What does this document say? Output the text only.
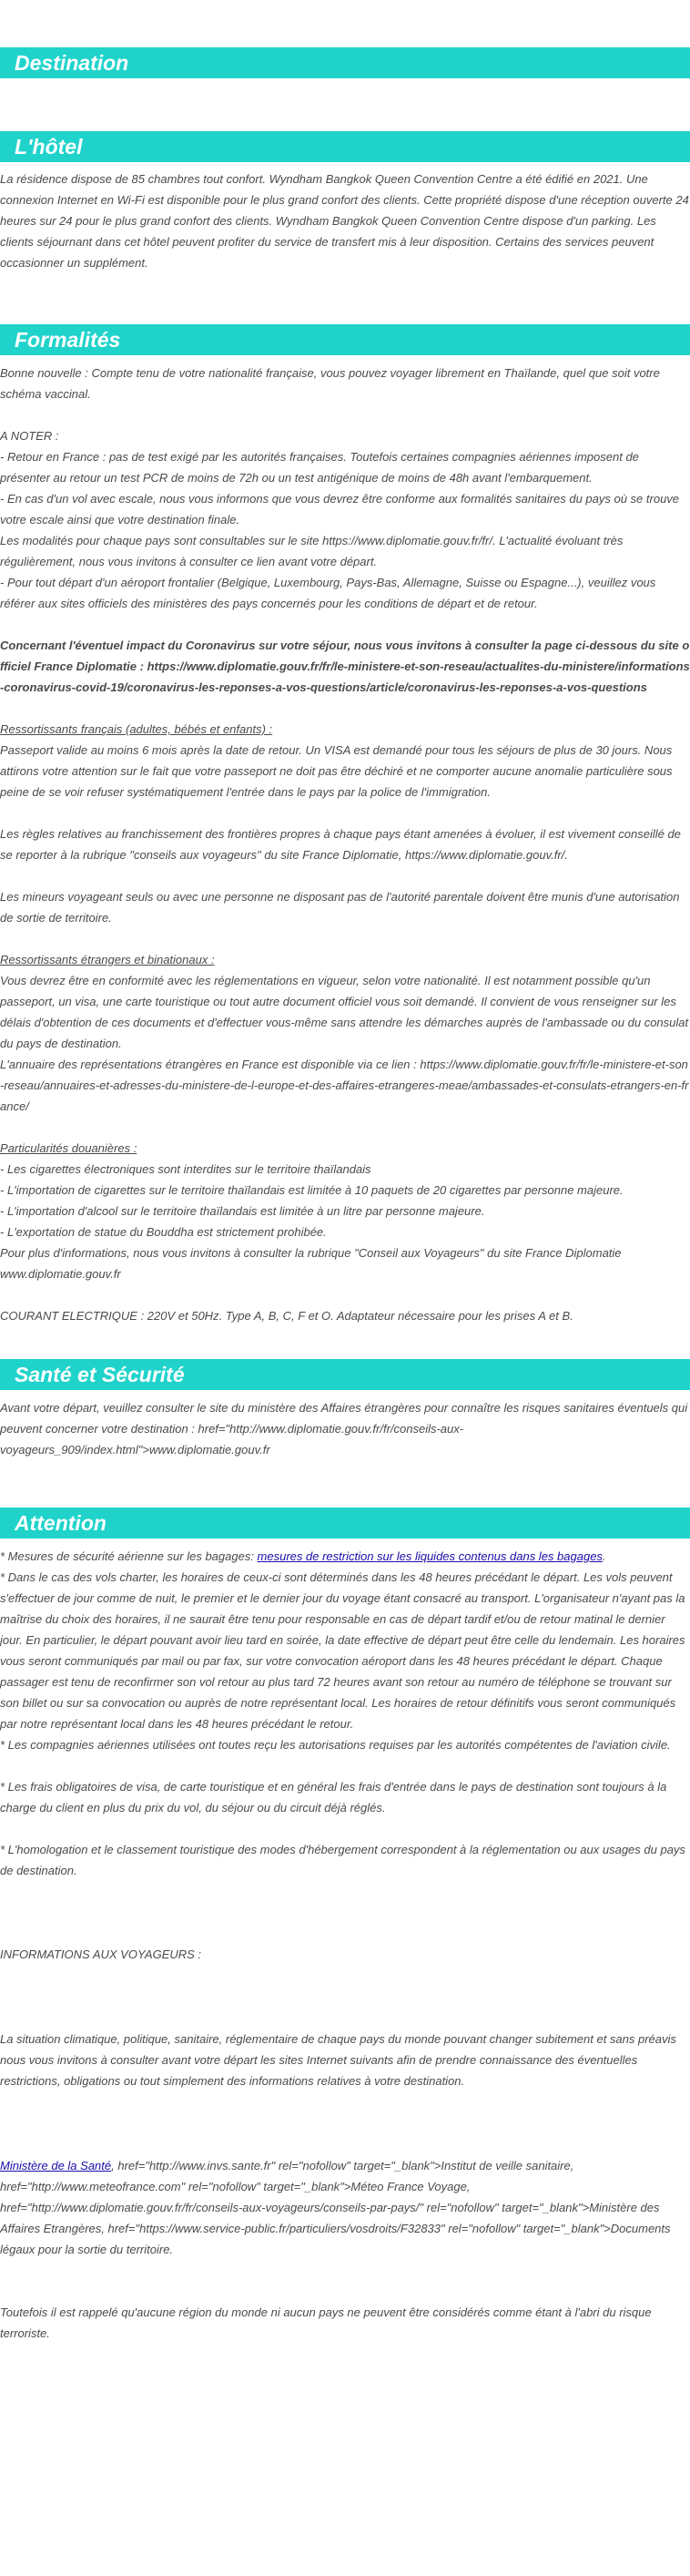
Destination
L'hôtel

La résidence dispose de 85 chambres tout confort. Wyndham Bangkok Queen Convention Centre a été édifié en 2021. Une connexion Internet en Wi-Fi est disponible pour le plus grand confort des clients. Cette propriété dispose d'une réception ouverte 24 heures sur 24 pour le plus grand confort des clients. Wyndham Bangkok Queen Convention Centre dispose d'un parking. Les clients séjournant dans cet hôtel peuvent profiter du service de transfert mis à leur disposition. Certains des services peuvent occasionner un supplément.

Formalités

Bonne nouvelle : Compte tenu de votre nationalité française, vous pouvez voyager librement en Thaïlande, quel que soit votre schéma vaccinal.

A NOTER :

- Retour en France : pas de test exigé par les autorités françaises. Toutefois certaines compagnies aériennes imposent de présenter au retour un test PCR de moins de 72h ou un test antigénique de moins de 48h avant l'embarquement.

- En cas d'un vol avec escale, nous vous informons que vous devrez être conforme aux formalités sanitaires du pays où se trouve votre escale ainsi que votre destination finale.

Les modalités pour chaque pays sont consultables sur le site https://www.diplomatie.gouv.fr/fr/. L'actualité évoluant très régulièrement, nous vous invitons à consulter ce lien avant votre départ.

- Pour tout départ d'un aéroport frontalier (Belgique, Luxembourg, Pays-Bas, Allemagne, Suisse ou Espagne...), veuillez vous référer aux sites officiels des ministères des pays concernés pour les conditions de départ et de retour.

Concernant l'éventuel impact du Coronavirus sur votre séjour, nous vous invitons à consulter la page ci-dessous du site officiel France Diplomatie : https://www.diplomatie.gouv.fr/fr/le-ministere-et-son-reseau/actualites-du-ministere/informations-coronavirus-covid-19/coronavirus-les-reponses-a-vos-questions/article/coronavirus-les-reponses-a-vos-questions

Ressortissants français (adultes, bébés et enfants) :

Passeport valide au moins 6 mois après la date de retour. Un VISA est demandé pour tous les séjours de plus de 30 jours. Nous attirons votre attention sur le fait que votre passeport ne doit pas être déchiré et ne comporter aucune anomalie particulière sous peine de se voir refuser systématiquement l'entrée dans le pays par la police de l'immigration.

Les règles relatives au franchissement des frontières propres à chaque pays étant amenées à évoluer, il est vivement conseillé de se reporter à la rubrique "conseils aux voyageurs" du site France Diplomatie, https://www.diplomatie.gouv.fr/.

Les mineurs voyageant seuls ou avec une personne ne disposant pas de l'autorité parentale doivent être munis d'une autorisation de sortie de territoire.

Ressortissants étrangers et binationaux :

Vous devrez être en conformité avec les réglementations en vigueur, selon votre nationalité. Il est notamment possible qu'un passeport, un visa, une carte touristique ou tout autre document officiel vous soit demandé. Il convient de vous renseigner sur les délais d'obtention de ces documents et d'effectuer vous-même sans attendre les démarches auprès de l'ambassade ou du consulat du pays de destination.

L'annuaire des représentations étrangères en France est disponible via ce lien : https://www.diplomatie.gouv.fr/fr/le-ministere-et-son-reseau/annuaires-et-adresses-du-ministere-de-l-europe-et-des-affaires-etrangeres-meae/ambassades-et-consulats-etrangers-en-france/

Particularités douanières :

- Les cigarettes électroniques sont interdites sur le territoire thaïlandais

- L'importation de cigarettes sur le territoire thaïlandais est limitée à 10 paquets de 20 cigarettes par personne majeure.

- L'importation d'alcool sur le territoire thaïlandais est limitée à un litre par personne majeure.

- L'exportation de statue du Bouddha est strictement prohibée.

Pour plus d'informations, nous vous invitons à consulter la rubrique "Conseil aux Voyageurs" du site France Diplomatie www.diplomatie.gouv.fr

COURANT ELECTRIQUE : 220V et 50Hz. Type A, B, C, F et O. Adaptateur nécessaire pour les prises A et B.

Santé et Sécurité

Avant votre départ, veuillez consulter le site du ministère des Affaires étrangères pour connaître les risques sanitaires éventuels qui peuvent concerner votre destination : href="http://www.diplomatie.gouv.fr/fr/conseils-aux-voyageurs_909/index.html">www.diplomatie.gouv.fr

Attention

* Mesures de sécurité aérienne sur les bagages: mesures de restriction sur les liquides contenus dans les bagages.

* Dans le cas des vols charter, les horaires de ceux-ci sont déterminés dans les 48 heures précédant le départ. Les vols peuvent s'effectuer de jour comme de nuit, le premier et le dernier jour du voyage étant consacré au transport. L'organisateur n'ayant pas la maîtrise du choix des horaires, il ne saurait être tenu pour responsable en cas de départ tardif et/ou de retour matinal le dernier jour. En particulier, le départ pouvant avoir lieu tard en soirée, la date effective de départ peut être celle du lendemain. Les horaires vous seront communiqués par mail ou par fax, sur votre convocation aéroport dans les 48 heures précédant le départ. Chaque passager est tenu de reconfirmer son vol retour au plus tard 72 heures avant son retour au numéro de téléphone se trouvant sur son billet ou sur sa convocation ou auprès de notre représentant local. Les horaires de retour définitifs vous seront communiqués par notre représentant local dans les 48 heures précédant le retour.

* Les compagnies aériennes utilisées ont toutes reçu les autorisations requises par les autorités compétentes de l'aviation civile.

* Les frais obligatoires de visa, de carte touristique et en général les frais d'entrée dans le pays de destination sont toujours à la charge du client en plus du prix du vol, du séjour ou du circuit déjà réglés.

* L'homologation et le classement touristique des modes d'hébergement correspondent à la réglementation ou aux usages du pays de destination.

INFORMATIONS AUX VOYAGEURS :

La situation climatique, politique, sanitaire, réglementaire de chaque pays du monde pouvant changer subitement et sans préavis

nous vous invitons à consulter avant votre départ les sites Internet suivants afin de prendre connaissance des éventuelles restrictions, obligations ou tout simplement des informations relatives à votre destination.

Ministère de la Santé, href="http://www.invs.sante.fr" rel="nofollow" target="_blank">Institut de veille sanitaire, href="http://www.meteofrance.com" rel="nofollow" target="_blank">Méteo France Voyage, href="http://www.diplomatie.gouv.fr/fr/conseils-aux-voyageurs/conseils-par-pays/" rel="nofollow" target="_blank">Ministère des Affaires Etrangères, href="https://www.service-public.fr/particuliers/vosdroits/F32833" rel="nofollow" target="_blank">Documents légaux pour la sortie du territoire.

Toutefois il est rappelé qu'aucune région du monde ni aucun pays ne peuvent être considérés comme étant à l'abri du risque terroriste.
